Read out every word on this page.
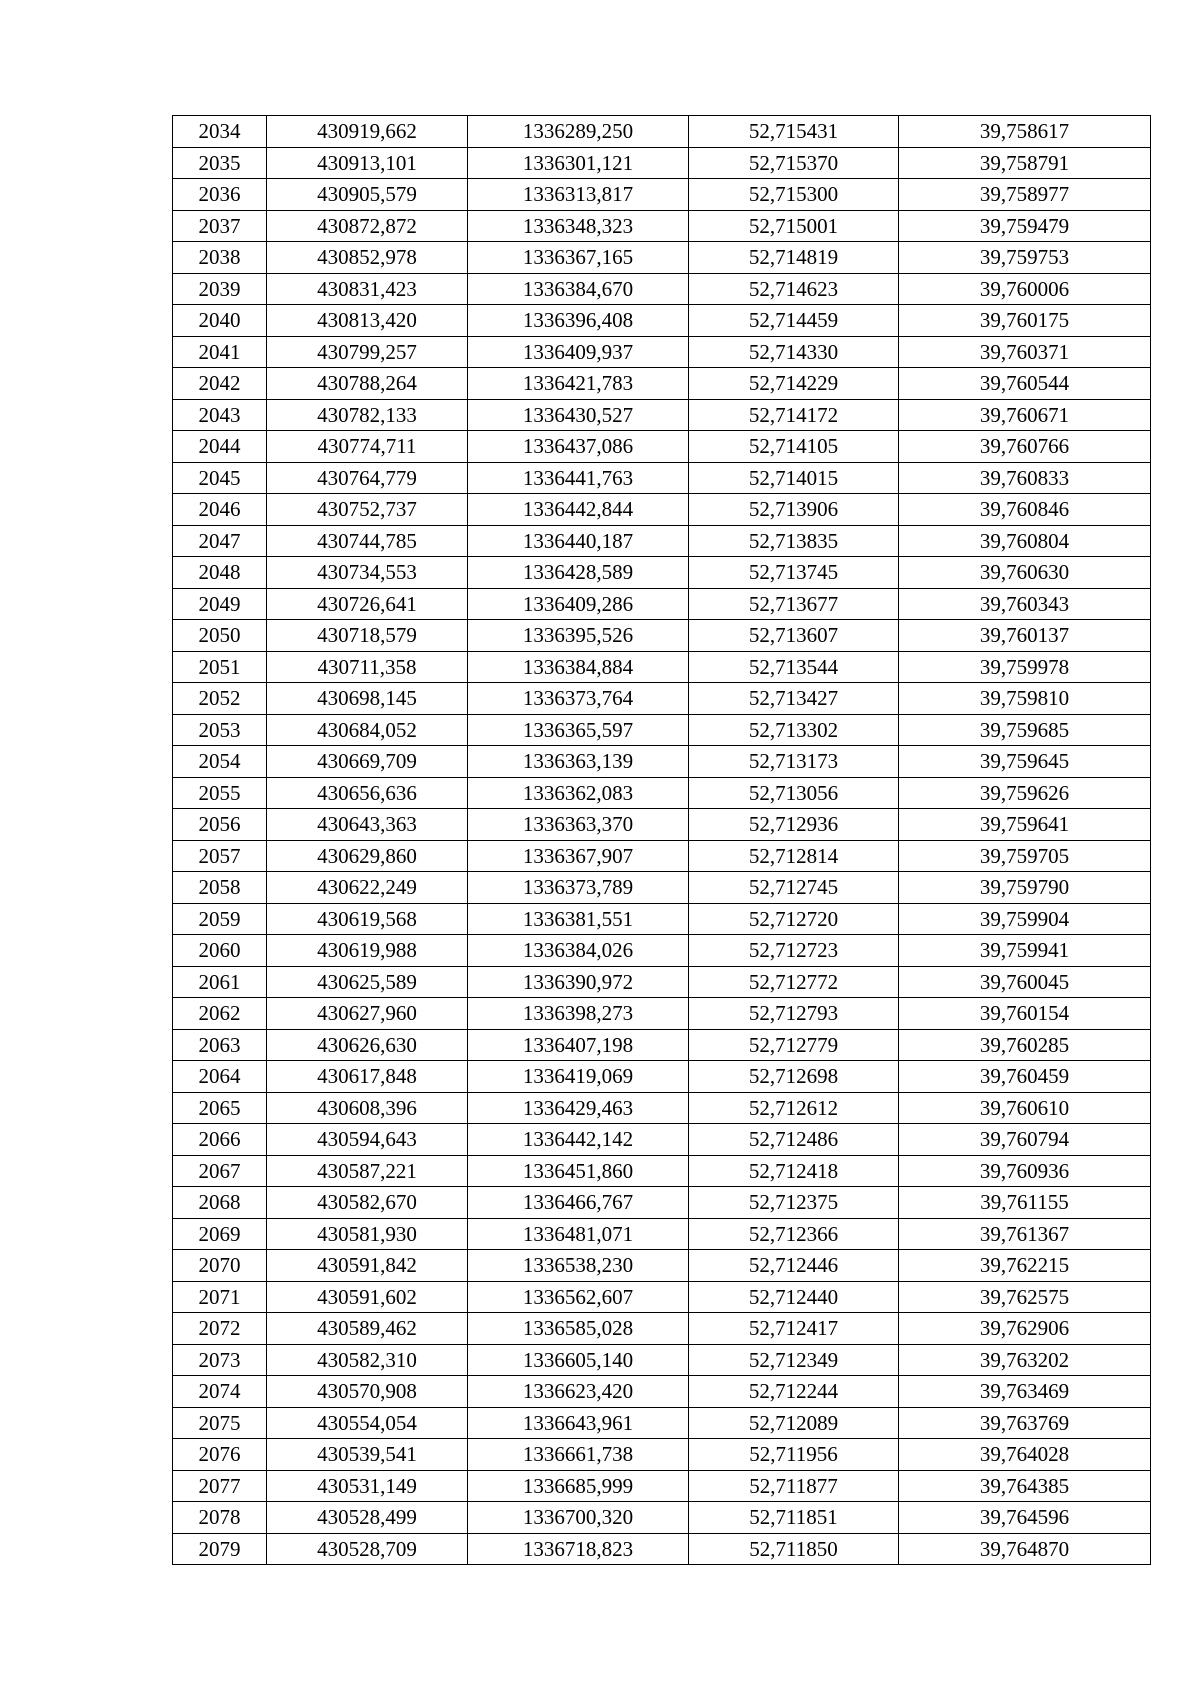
2034	430919,662	1336289,250	52,715431	39,758617
2035	430913,101	1336301,121	52,715370	39,758791
2036	430905,579	1336313,817	52,715300	39,758977
2037	430872,872	1336348,323	52,715001	39,759479
2038	430852,978	1336367,165	52,714819	39,759753
2039	430831,423	1336384,670	52,714623	39,760006
2040	430813,420	1336396,408	52,714459	39,760175
2041	430799,257	1336409,937	52,714330	39,760371
2042	430788,264	1336421,783	52,714229	39,760544
2043	430782,133	1336430,527	52,714172	39,760671
2044	430774,711	1336437,086	52,714105	39,760766
2045	430764,779	1336441,763	52,714015	39,760833
2046	430752,737	1336442,844	52,713906	39,760846
2047	430744,785	1336440,187	52,713835	39,760804
2048	430734,553	1336428,589	52,713745	39,760630
2049	430726,641	1336409,286	52,713677	39,760343
2050	430718,579	1336395,526	52,713607	39,760137
2051	430711,358	1336384,884	52,713544	39,759978
2052	430698,145	1336373,764	52,713427	39,759810
2053	430684,052	1336365,597	52,713302	39,759685
2054	430669,709	1336363,139	52,713173	39,759645
2055	430656,636	1336362,083	52,713056	39,759626
2056	430643,363	1336363,370	52,712936	39,759641
2057	430629,860	1336367,907	52,712814	39,759705
2058	430622,249	1336373,789	52,712745	39,759790
2059	430619,568	1336381,551	52,712720	39,759904
2060	430619,988	1336384,026	52,712723	39,759941
2061	430625,589	1336390,972	52,712772	39,760045
2062	430627,960	1336398,273	52,712793	39,760154
2063	430626,630	1336407,198	52,712779	39,760285
2064	430617,848	1336419,069	52,712698	39,760459
2065	430608,396	1336429,463	52,712612	39,760610
2066	430594,643	1336442,142	52,712486	39,760794
2067	430587,221	1336451,860	52,712418	39,760936
2068	430582,670	1336466,767	52,712375	39,761155
2069	430581,930	1336481,071	52,712366	39,761367
2070	430591,842	1336538,230	52,712446	39,762215
2071	430591,602	1336562,607	52,712440	39,762575
2072	430589,462	1336585,028	52,712417	39,762906
2073	430582,310	1336605,140	52,712349	39,763202
2074	430570,908	1336623,420	52,712244	39,763469
2075	430554,054	1336643,961	52,712089	39,763769
2076	430539,541	1336661,738	52,711956	39,764028
2077	430531,149	1336685,999	52,711877	39,764385
2078	430528,499	1336700,320	52,711851	39,764596
2079	430528,709	1336718,823	52,711850	39,764870
